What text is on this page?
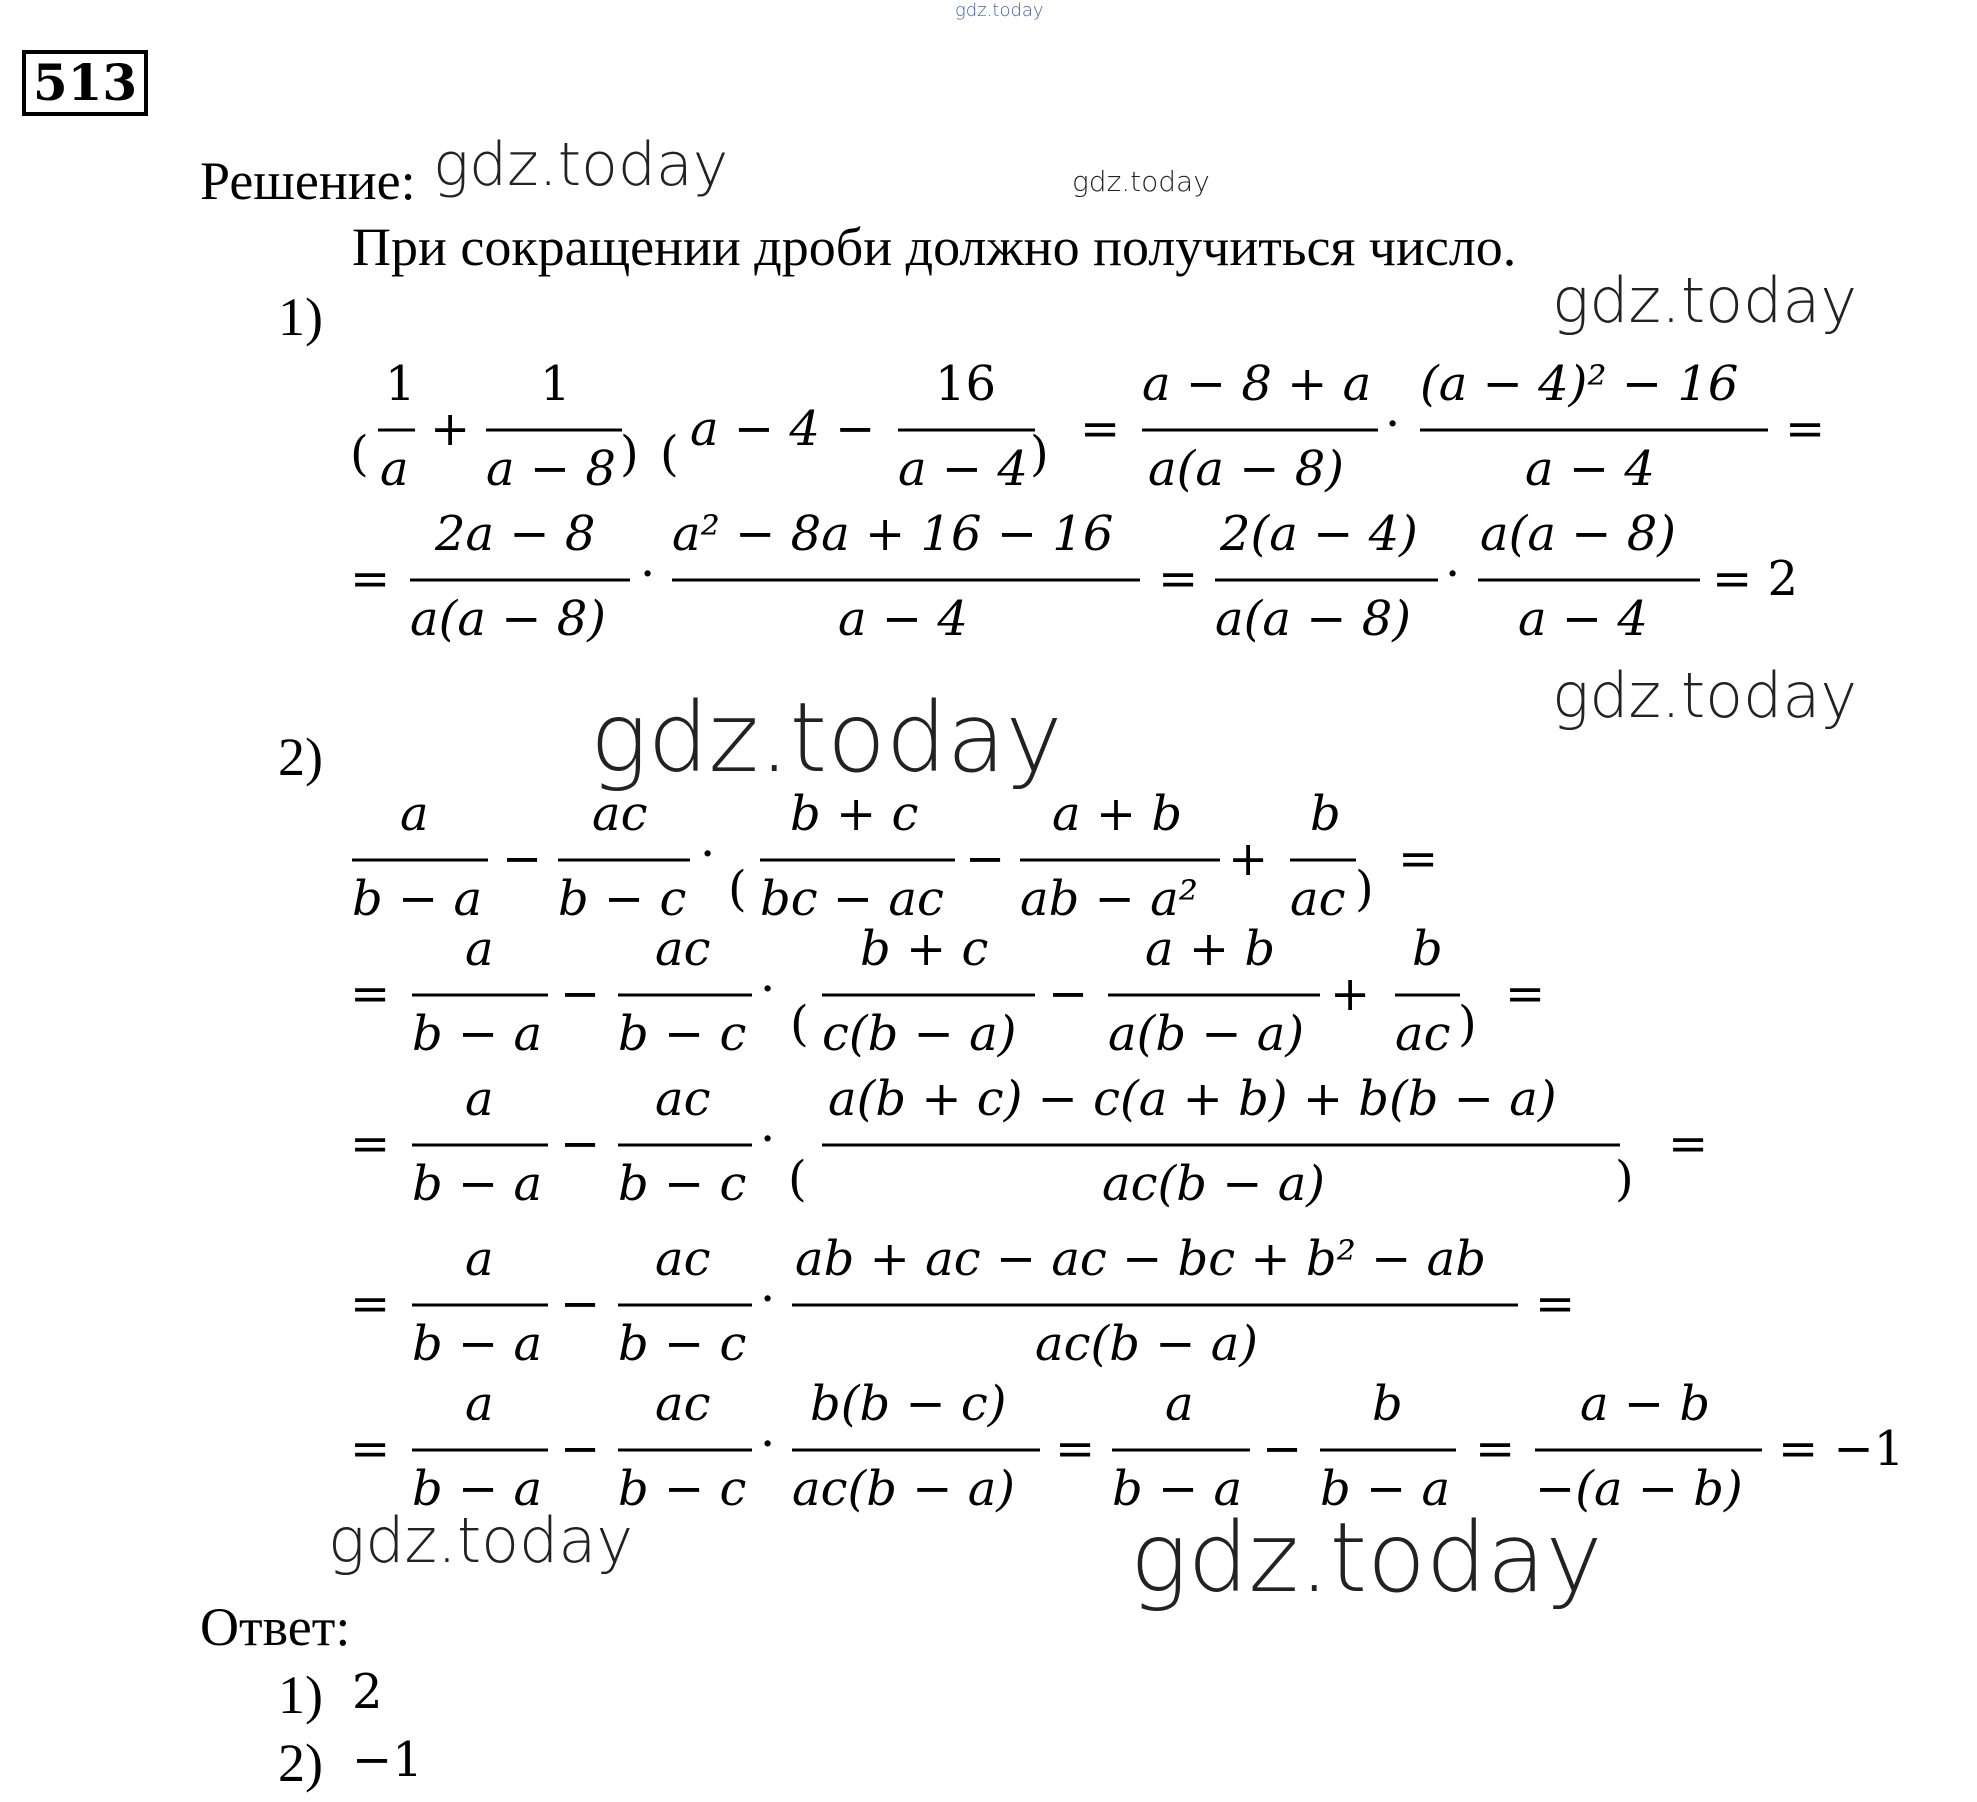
gdz.today
513
Решение: gdz.today	gdz.today
gdz.today
gdz.today
gdz.today
gdz.today	gdz.today
При сокращении дроби должно получиться число.
1)
2)
(
1
a
+
1
a − 8 ) ( a − 4 −
16
a − 4 ) =
a − 8 + a
a(a − 8)
·
(a − 4)² − 16
a − 4
=
=
2a − 8
a(a − 8)
·
a² − 8a + 16 − 16
a − 4
=
2(a − 4)
a(a − 8)
·
a(a − 8)
a − 4
= 2
a
b − a
−
ac
b − c
·
(
b + c
bc − ac
−
a + b
ab − a²
+
b
ac )
=
=
a
b − a
−
ac
b − c
·
(
b + c
c(b − a)
−
a + b
a(b − a)
+
b
ac )
=
=
a
b − a
−
ac
b − c
·
(
a(b + c) − c(a + b) + b(b − a)
ac(b − a)	)
=
=
a
b − a
−
ac
b − c
·
ab + ac − ac − bc + b² − ab
ac(b − a)
=
=
a
b − a
−
ac
b − c
·
b(b − c)
ac(b − a)
=
a
b − a
−
b
b − a
=
a − b
−(a − b)
= −1
Ответ:
1) 2
2) −1
